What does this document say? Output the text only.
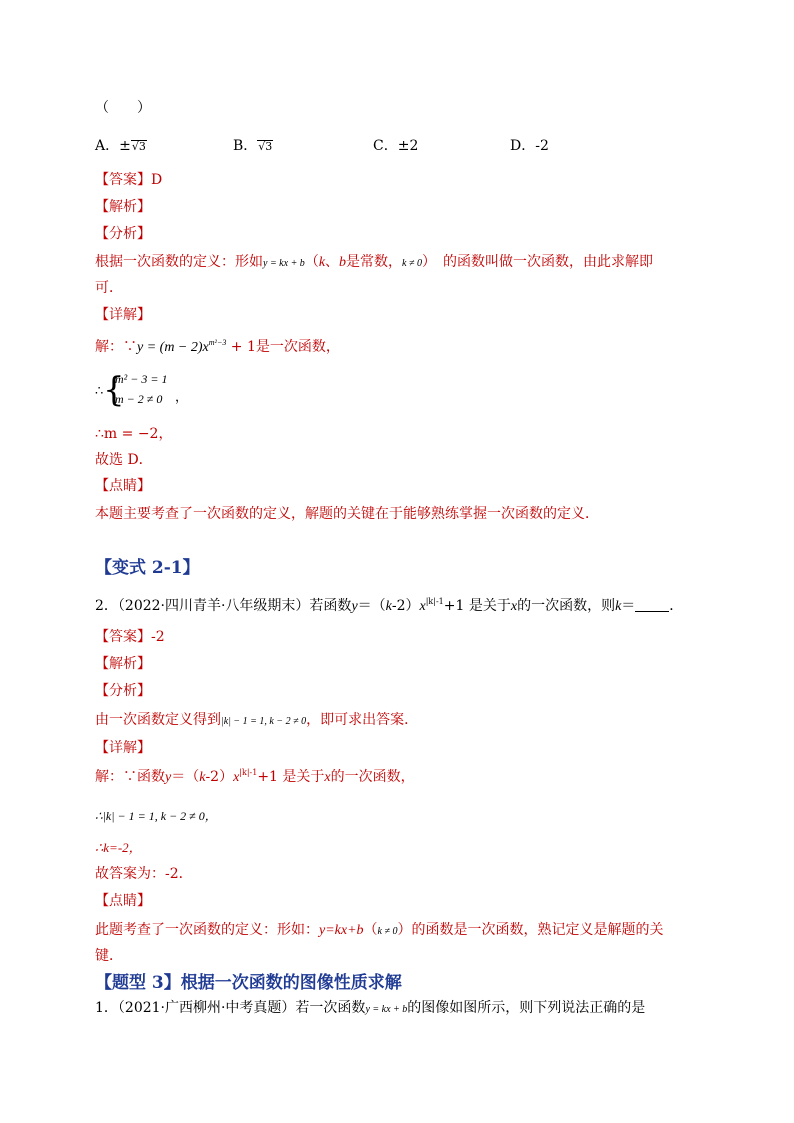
（　　）
A．±√3	B．√3	C．±2	D．-2
【答案】D
【解析】
【分析】
根据一次函数的定义：形如y = kx + b（k、b是常数，k ≠ 0）　的函数叫做一次函数，由此求解即
可．
【详解】
解：∵y = $(m - 2)x^{m^2-3} + 1$是一次函数，
∴ {
m² − 3 = 1
m − 2 ≠ 0 ，
∴m = −2，
故选 D．
【点睛】
本题主要考查了一次函数的定义，解题的关键在于能够熟练掌握一次函数的定义．
【变式 2-1】
2．（2022·四川青羊·八年级期末）若函数$y=(k-2)x^{|k|-1}+1$ 是关于x的一次函数，则k＝ ．
【答案】-2
【解析】
【分析】
由一次函数定义得到|k| − 1 = 1, k − 2 ≠ 0，即可求出答案．
【详解】
解：∵函数$y=(k-2)x^{|k|-1}+1$ 是关于x的一次函数，
∴|k| − 1 = 1, k − 2 ≠ 0，
∴k=-2，
故答案为：-2．
【点睛】
此题考查了一次函数的定义：形如：y=kx+b（k ≠ 0）的函数是一次函数，熟记定义是解题的关
键．
【题型 3】根据一次函数的图像性质求解
1．（2021·广西柳州·中考真题）若一次函数y = kx + b的图像如图所示，则下列说法正确的是
